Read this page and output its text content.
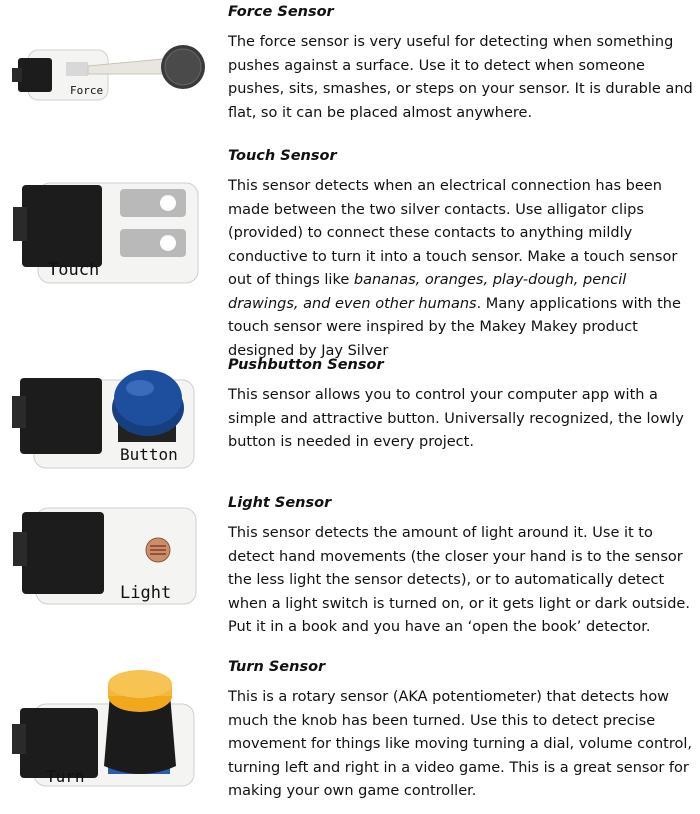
Force
Force Sensor

The force sensor is very useful for detecting when something pushes against a surface. Use it to detect when someone pushes, sits, smashes, or steps on your sensor. It is durable and flat, so it can be placed almost anywhere.

Touch
Touch Sensor

This sensor detects when an electrical connection has been made between the two silver contacts. Use alligator clips (provided) to connect these contacts to anything mildly conductive to turn it into a touch sensor. Make a touch sensor out of things like bananas, oranges, play-dough, pencil drawings, and even other humans. Many applications with the touch sensor were inspired by the Makey Makey product designed by Jay Silver

Button
Pushbutton Sensor

This sensor allows you to control your computer app with a simple and attractive button. Universally recognized, the lowly button is needed in every project.

Light
Light Sensor

This sensor detects the amount of light around it. Use it to detect hand movements (the closer your hand is to the sensor the less light the sensor detects), or to automatically detect when a light switch is turned on, or it gets light or dark outside. Put it in a book and you have an ‘open the book’ detector.

Turn
Turn Sensor

This is a rotary sensor (AKA potentiometer) that detects how much the knob has been turned. Use this to detect precise movement for things like moving turning a dial, volume control, turning left and right in a video game. This is a great sensor for making your own game controller.
